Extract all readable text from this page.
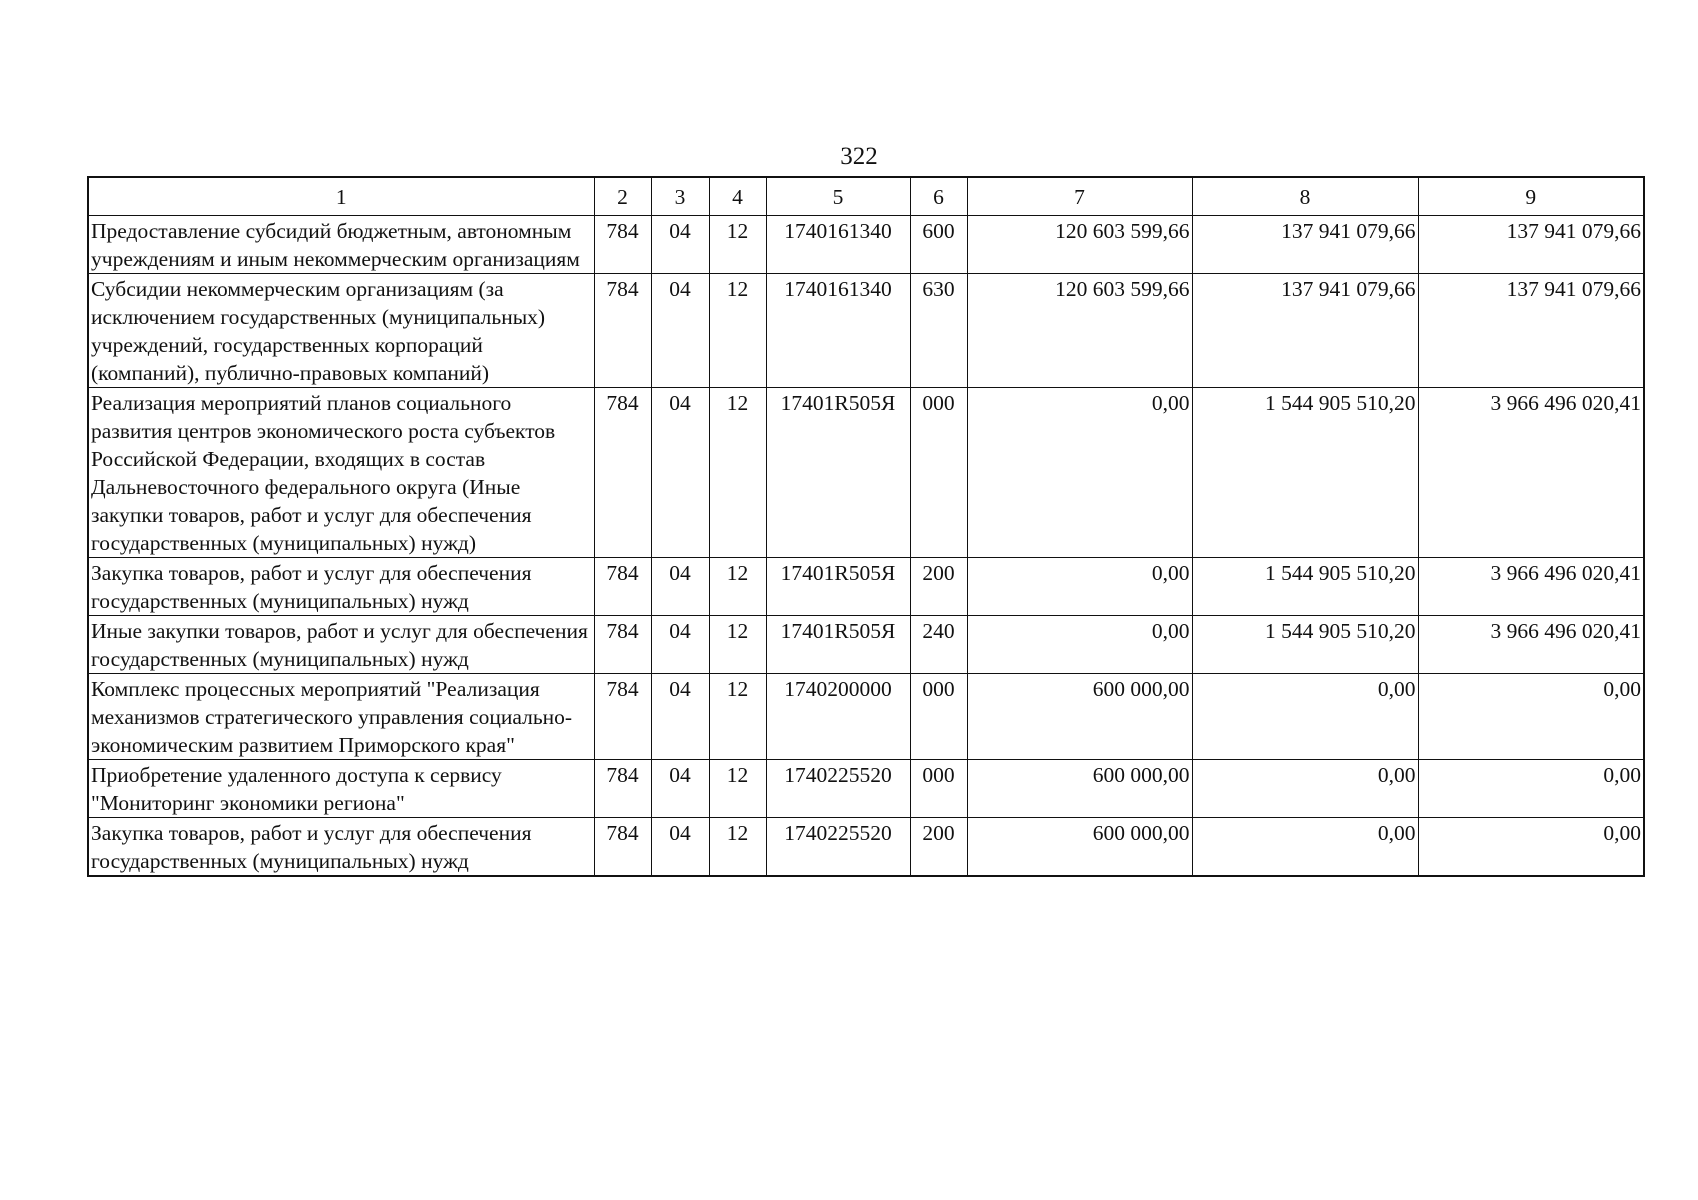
322
1	2	3	4	5	6	7	8	9
Предоставление субсидий бюджетным, автономным учреждениям и иным некоммерческим организациям	784	04	12	1740161340	600	120 603 599,66	137 941 079,66	137 941 079,66
Субсидии некоммерческим организациям (за исключением государственных (муниципальных) учреждений, государственных корпораций (компаний), публично-правовых компаний)	784	04	12	1740161340	630	120 603 599,66	137 941 079,66	137 941 079,66
Реализация мероприятий планов социального развития центров экономического роста субъектов Российской Федерации, входящих в состав Дальневосточного федерального округа (Иные закупки товаров, работ и услуг для обеспечения государственных (муниципальных) нужд)	784	04	12	17401R505Я	000	0,00	1 544 905 510,20	3 966 496 020,41
Закупка товаров, работ и услуг для обеспечения государственных (муниципальных) нужд	784	04	12	17401R505Я	200	0,00	1 544 905 510,20	3 966 496 020,41
Иные закупки товаров, работ и услуг для обеспечения государственных (муниципальных) нужд	784	04	12	17401R505Я	240	0,00	1 544 905 510,20	3 966 496 020,41
Комплекс процессных мероприятий "Реализация механизмов стратегического управления социально-экономическим развитием Приморского края"	784	04	12	1740200000	000	600 000,00	0,00	0,00
Приобретение удаленного доступа к сервису "Мониторинг экономики региона"	784	04	12	1740225520	000	600 000,00	0,00	0,00
Закупка товаров, работ и услуг для обеспечения государственных (муниципальных) нужд	784	04	12	1740225520	200	600 000,00	0,00	0,00
